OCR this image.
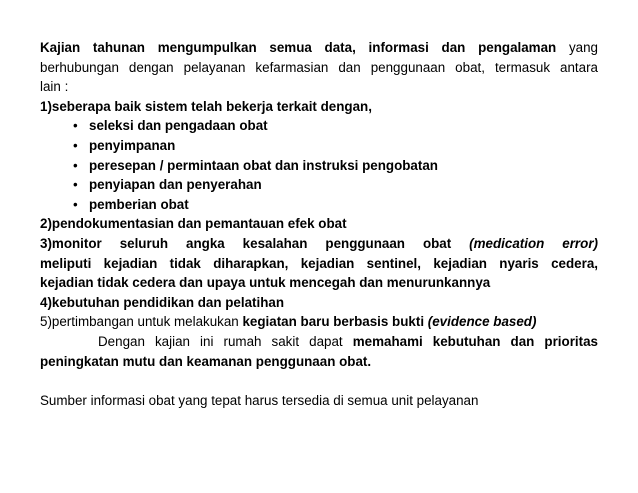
Kajian tahunan mengumpulkan semua data, informasi dan pengalaman yang berhubungan dengan pelayanan kefarmasian dan penggunaan obat, termasuk antara
lain :
1)seberapa baik sistem telah bekerja terkait dengan,
• seleksi dan pengadaan obat
• penyimpanan
• peresepan / permintaan obat dan instruksi pengobatan
• penyiapan dan penyerahan
• pemberian obat
2)pendokumentasian dan pemantauan efek obat
3)monitor seluruh angka kesalahan penggunaan obat (medication error)
meliputi kejadian tidak diharapkan, kejadian sentinel, kejadian nyaris cedera,
kejadian tidak cedera dan upaya untuk mencegah dan menurunkannya
4)kebutuhan pendidikan dan pelatihan
5)pertimbangan untuk melakukan kegiatan baru berbasis bukti (evidence based)
Dengan kajian ini rumah sakit dapat memahami kebutuhan dan prioritas
peningkatan mutu dan keamanan penggunaan obat.
Sumber informasi obat yang tepat harus tersedia di semua unit pelayanan
